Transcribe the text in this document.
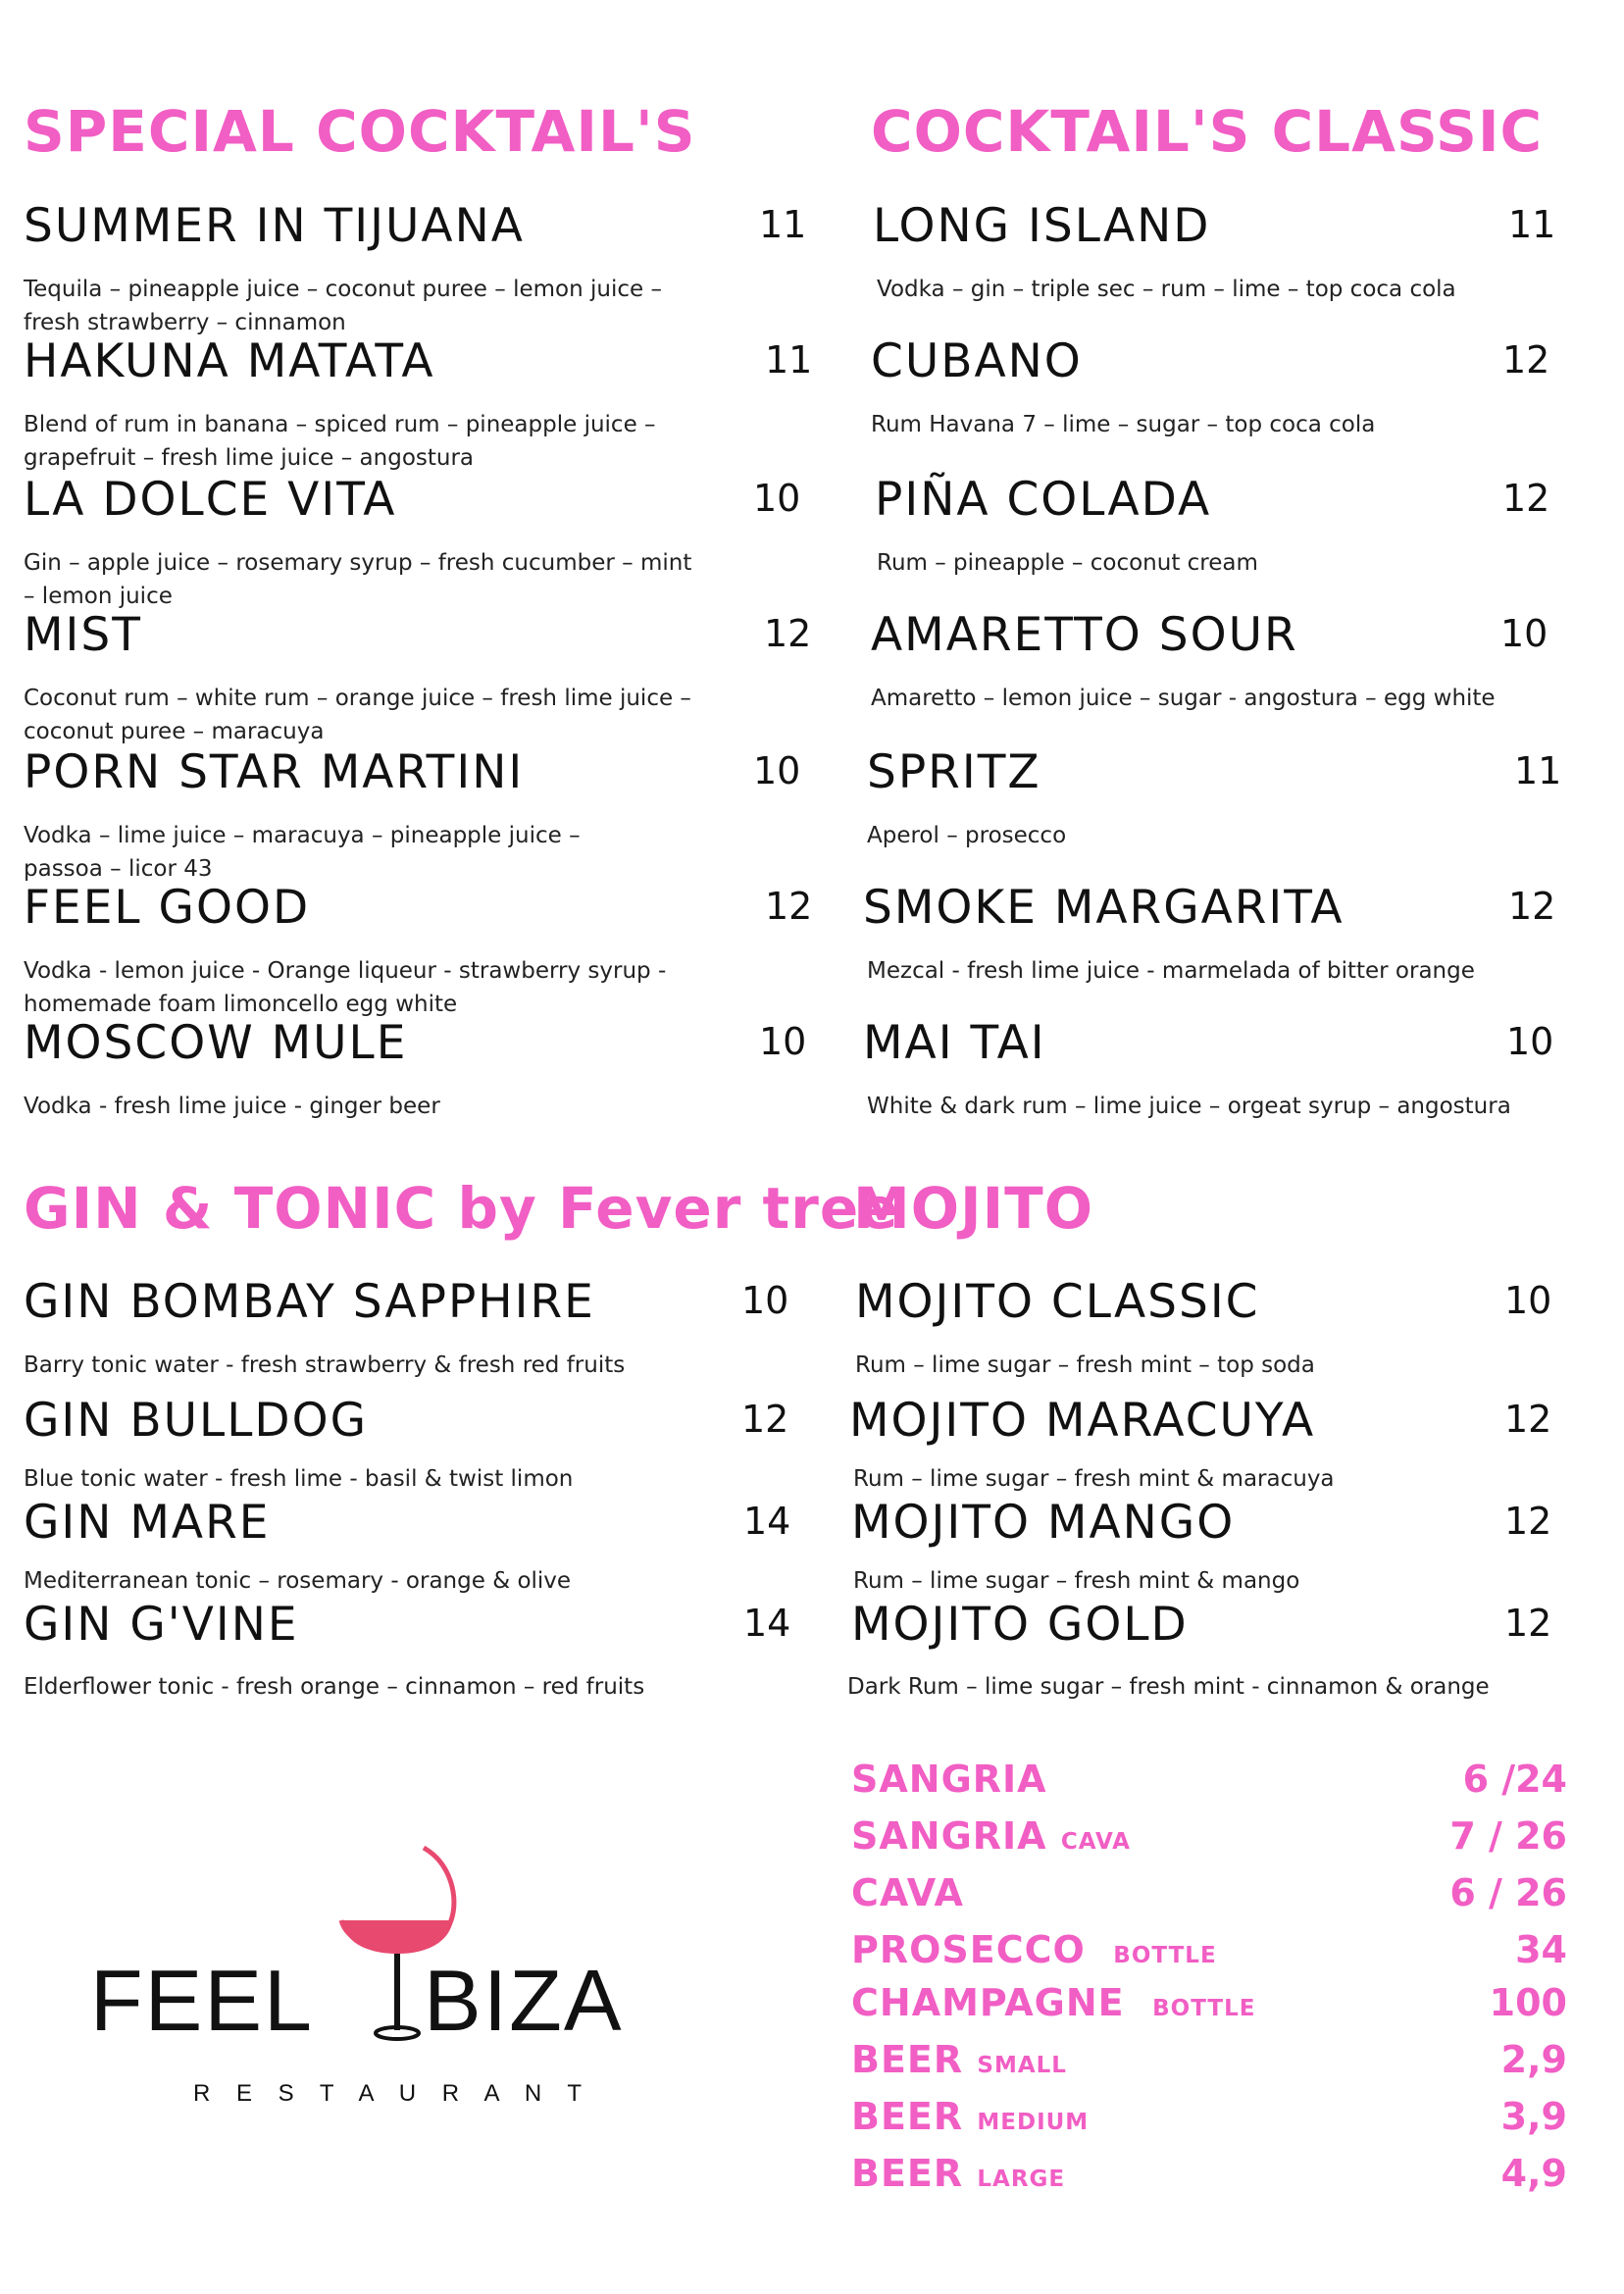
SPECIAL COCKTAIL'S	COCKTAIL'S CLASSIC
GIN & TONIC by Fever tree
MOJITO
SUMMER IN TIJUANA	11
Tequila – pineapple juice – coconut puree – lemon juice – fresh strawberry – cinnamon
HAKUNA MATATA	11
Blend of rum in banana – spiced rum – pineapple juice – grapefruit – fresh lime juice – angostura
LA DOLCE VITA	10
Gin – apple juice – rosemary syrup – fresh cucumber – mint – lemon juice
MIST	12
Coconut rum – white rum – orange juice – fresh lime juice – coconut puree – maracuya
PORN STAR MARTINI	10
Vodka – lime juice – maracuya – pineapple juice – passoa – licor 43
FEEL GOOD	12
Vodka - lemon juice - Orange liqueur - strawberry syrup - homemade foam limoncello egg white
MOSCOW MULE	10
Vodka - fresh lime juice - ginger beer
LONG ISLAND	11
Vodka – gin – triple sec – rum – lime – top coca cola
CUBANO	12
Rum Havana 7 – lime – sugar – top coca cola
PIÑA COLADA	12
Rum – pineapple – coconut cream
AMARETTO SOUR	10
Amaretto – lemon juice – sugar - angostura – egg white
SPRITZ	11
Aperol – prosecco
SMOKE MARGARITA	12
Mezcal - fresh lime juice - marmelada of bitter orange
MAI TAI	10
White & dark rum – lime juice – orgeat syrup – angostura
GIN BOMBAY SAPPHIRE	10
Barry tonic water - fresh strawberry & fresh red fruits
GIN BULLDOG	12
Blue tonic water - fresh lime - basil & twist limon
GIN MARE	14
Mediterranean tonic – rosemary - orange & olive
GIN G'VINE	14
Elderflower tonic - fresh orange – cinnamon – red fruits
MOJITO CLASSIC	10
Rum – lime sugar – fresh mint – top soda
MOJITO MARACUYA	12
Rum – lime sugar – fresh mint & maracuya
MOJITO MANGO	12
Rum – lime sugar – fresh mint & mango
MOJITO GOLD	12
Dark Rum – lime sugar – fresh mint - cinnamon & orange
SANGRIA	6 /24
SANGRIA CAVA	7 / 26
CAVA	6 / 26
PROSECCO BOTTLE	34
CHAMPAGNE BOTTLE	100
BEER SMALL	2,9
BEER MEDIUM	3,9
BEER LARGE	4,9
FEEL BIZA
R E S T A U R A N T
